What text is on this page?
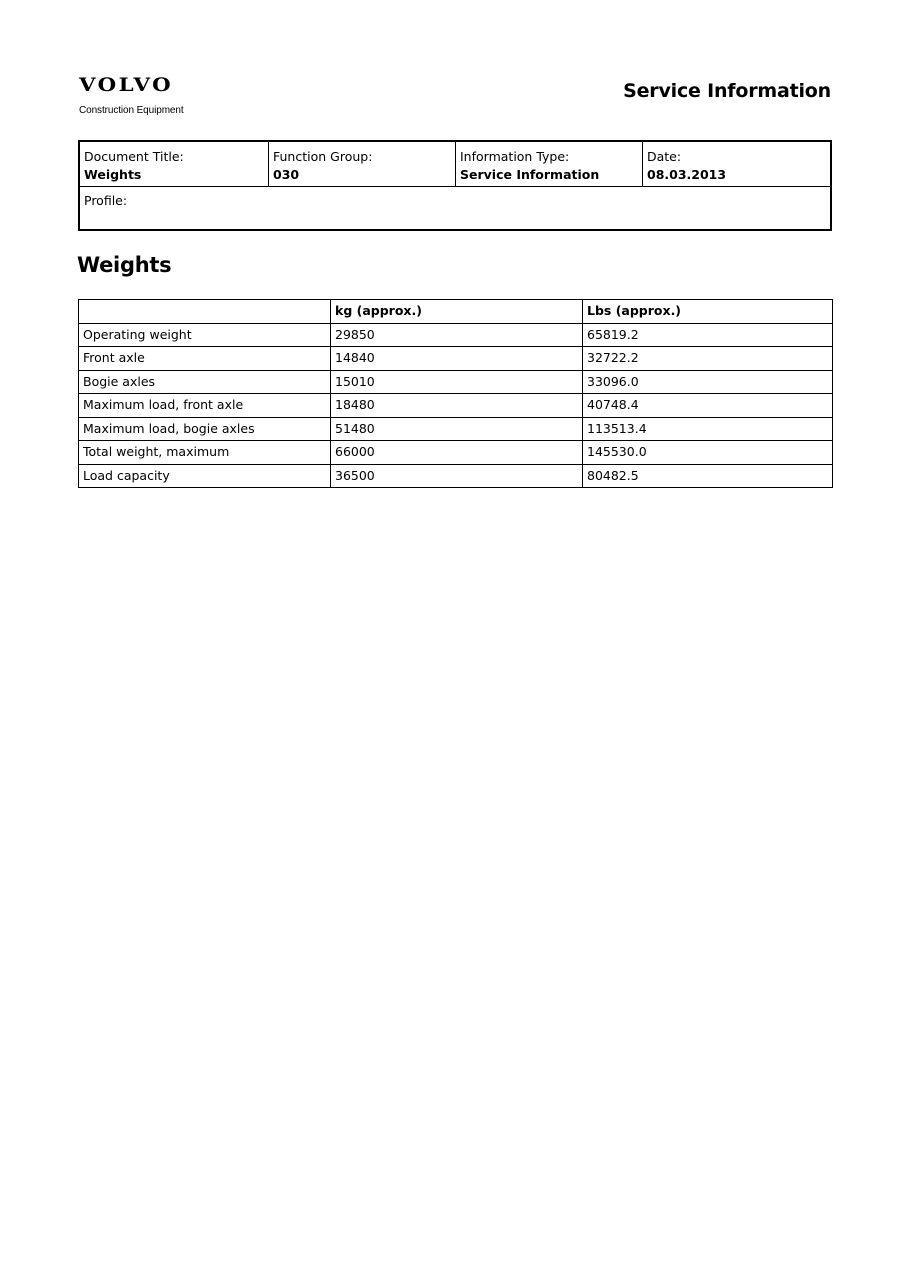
VOLVO
Construction Equipment
Service Information
Document Title:
Weights
Function Group:
030
Information Type:
Service Information
Date:
08.03.2013
Profile:
Weights
	kg (approx.)	Lbs (approx.)
Operating weight	29850	65819.2
Front axle	14840	32722.2
Bogie axles	15010	33096.0
Maximum load, front axle	18480	40748.4
Maximum load, bogie axles	51480	113513.4
Total weight, maximum	66000	145530.0
Load capacity	36500	80482.5
